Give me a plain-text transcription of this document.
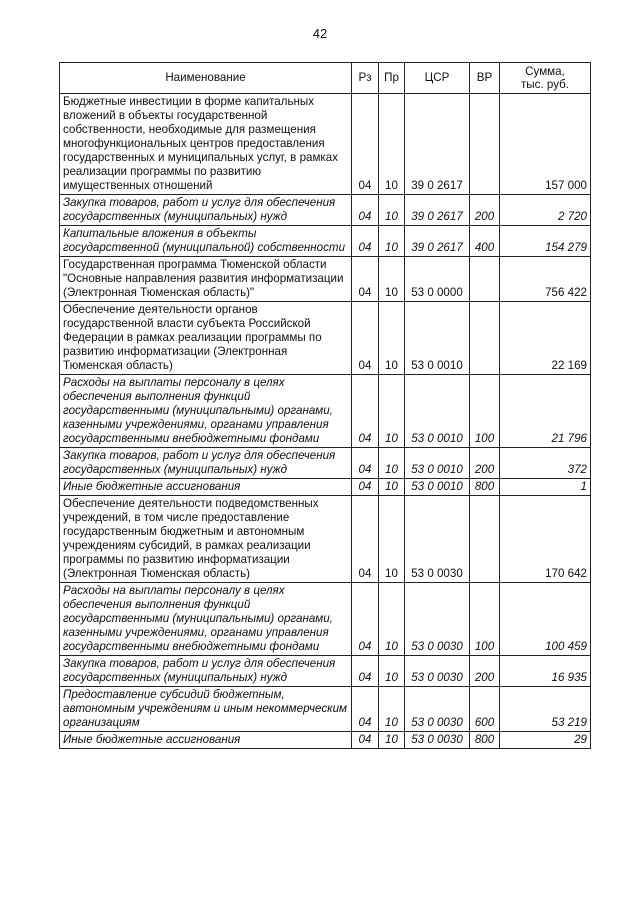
42
Наименование	Рз	Пр	ЦСР	ВР	Сумма,
тыс. руб.
Бюджетные инвестиции в форме капитальных вложений в объекты государственной собственности, необходимые для размещения многофункциональных центров предоставления государственных и муниципальных услуг, в рамках реализации программы по развитию имущественных отношений	04	10	39 0 2617		157 000
Закупка товаров, работ и услуг для обеспечения государственных (муниципальных) нужд	04	10	39 0 2617	200	2 720
Капитальные вложения в объекты государственной (муниципальной) собственности	04	10	39 0 2617	400	154 279
Государственная программа Тюменской области "Основные направления развития информатизации (Электронная Тюменская область)"	04	10	53 0 0000		756 422
Обеспечение деятельности органов государственной власти субъекта Российской Федерации в рамках реализации программы по развитию информатизации (Электронная Тюменская область)	04	10	53 0 0010		22 169
Расходы на выплаты персоналу в целях обеспечения выполнения функций государственными (муниципальными) органами, казенными учреждениями, органами управления государственными внебюджетными фондами	04	10	53 0 0010	100	21 796
Закупка товаров, работ и услуг для обеспечения государственных (муниципальных) нужд	04	10	53 0 0010	200	372
Иные бюджетные ассигнования	04	10	53 0 0010	800	1
Обеспечение деятельности подведомственных учреждений, в том числе предоставление государственным бюджетным и автономным учреждениям субсидий, в рамках реализации программы по развитию информатизации (Электронная Тюменская область)	04	10	53 0 0030		170 642
Расходы на выплаты персоналу в целях обеспечения выполнения функций государственными (муниципальными) органами, казенными учреждениями, органами управления государственными внебюджетными фондами	04	10	53 0 0030	100	100 459
Закупка товаров, работ и услуг для обеспечения государственных (муниципальных) нужд	04	10	53 0 0030	200	16 935
Предоставление субсидий бюджетным, автономным учреждениям и иным некоммерческим организациям	04	10	53 0 0030	600	53 219
Иные бюджетные ассигнования	04	10	53 0 0030	800	29
